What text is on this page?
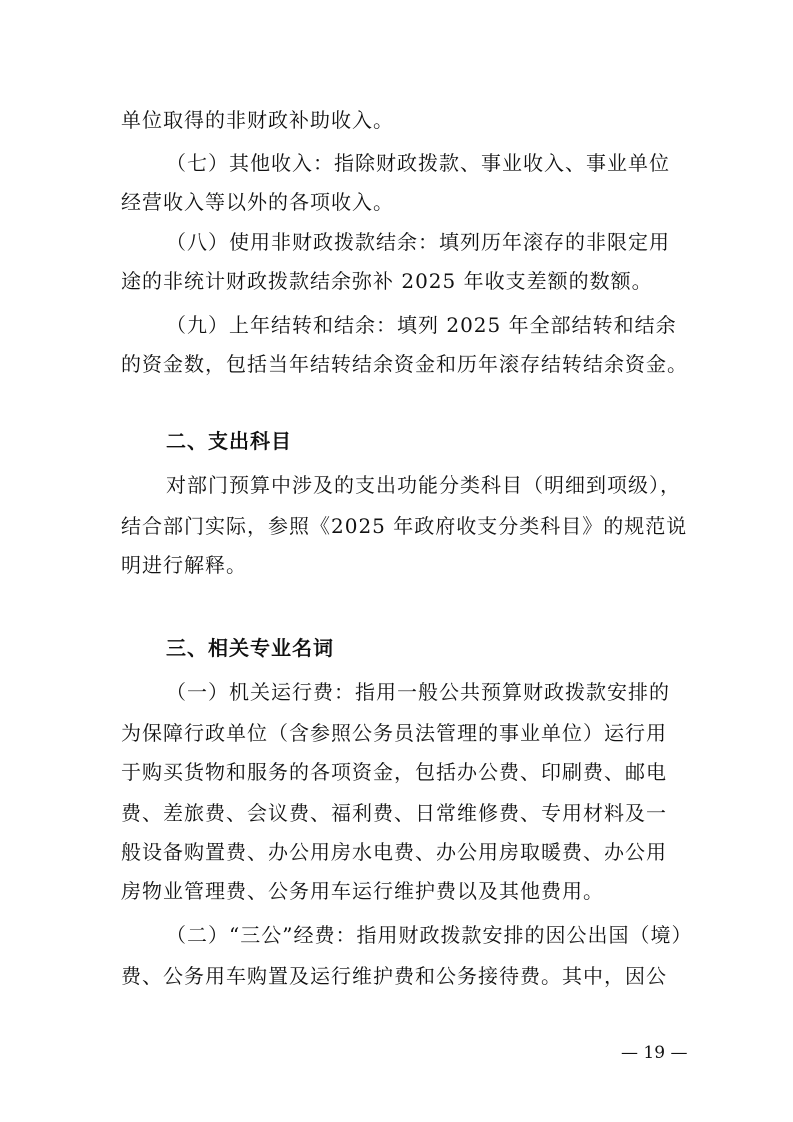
单位取得的非财政补助收入。
（七）其他收入：指除财政拨款、事业收入、事业单位
经营收入等以外的各项收入。
（八）使用非财政拨款结余：填列历年滚存的非限定用
途的非统计财政拨款结余弥补 2025 年收支差额的数额。
（九）上年结转和结余：填列 2025 年全部结转和结余
的资金数，包括当年结转结余资金和历年滚存结转结余资金。
二、支出科目
对部门预算中涉及的支出功能分类科目（明细到项级），
结合部门实际，参照《2025 年政府收支分类科目》的规范说
明进行解释。
三、相关专业名词
（一）机关运行费：指用一般公共预算财政拨款安排的
为保障行政单位（含参照公务员法管理的事业单位）运行用
于购买货物和服务的各项资金，包括办公费、印刷费、邮电
费、差旅费、会议费、福利费、日常维修费、专用材料及一
般设备购置费、办公用房水电费、办公用房取暖费、办公用
房物业管理费、公务用车运行维护费以及其他费用。
（二）“三公”经费：指用财政拨款安排的因公出国（境）
费、公务用车购置及运行维护费和公务接待费。其中，因公
— 19 —
